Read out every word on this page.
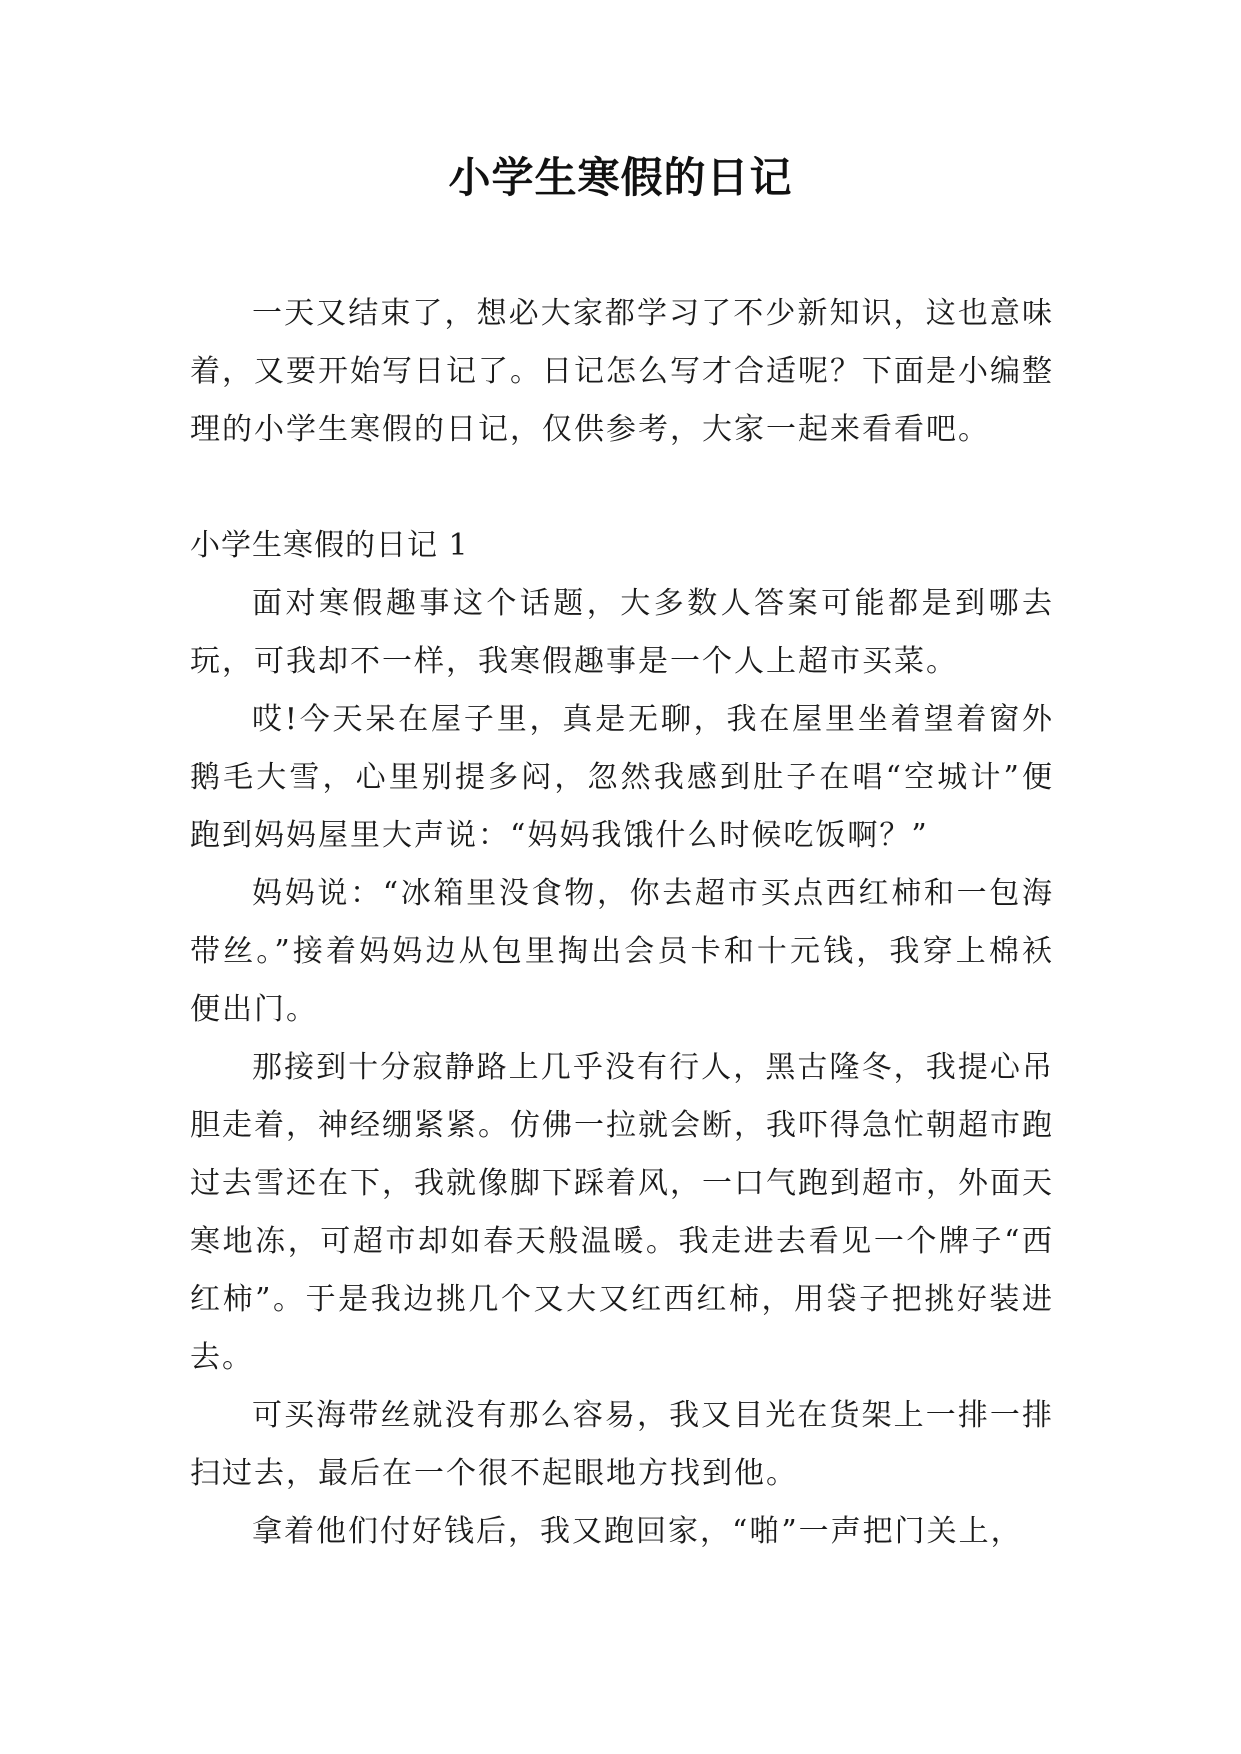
小学生寒假的日记

一天又结束了，想必大家都学习了不少新知识，这也意味着，又要开始写日记了。日记怎么写才合适呢？下面是小编整理的小学生寒假的日记，仅供参考，大家一起来看看吧。

小学生寒假的日记 1

面对寒假趣事这个话题，大多数人答案可能都是到哪去玩，可我却不一样，我寒假趣事是一个人上超市买菜。

哎!今天呆在屋子里，真是无聊，我在屋里坐着望着窗外鹅毛大雪，心里别提多闷，忽然我感到肚子在唱“空城计”便跑到妈妈屋里大声说：“妈妈我饿什么时候吃饭啊？”

妈妈说：“冰箱里没食物，你去超市买点西红柿和一包海带丝。”接着妈妈边从包里掏出会员卡和十元钱，我穿上棉袄便出门。

那接到十分寂静路上几乎没有行人，黑古隆冬，我提心吊胆走着，神经绷紧紧。仿佛一拉就会断，我吓得急忙朝超市跑过去雪还在下，我就像脚下踩着风，一口气跑到超市，外面天寒地冻，可超市却如春天般温暖。我走进去看见一个牌子“西红柿”。于是我边挑几个又大又红西红柿，用袋子把挑好装进去。

可买海带丝就没有那么容易，我又目光在货架上一排一排扫过去，最后在一个很不起眼地方找到他。

拿着他们付好钱后，我又跑回家，“啪”一声把门关上，
